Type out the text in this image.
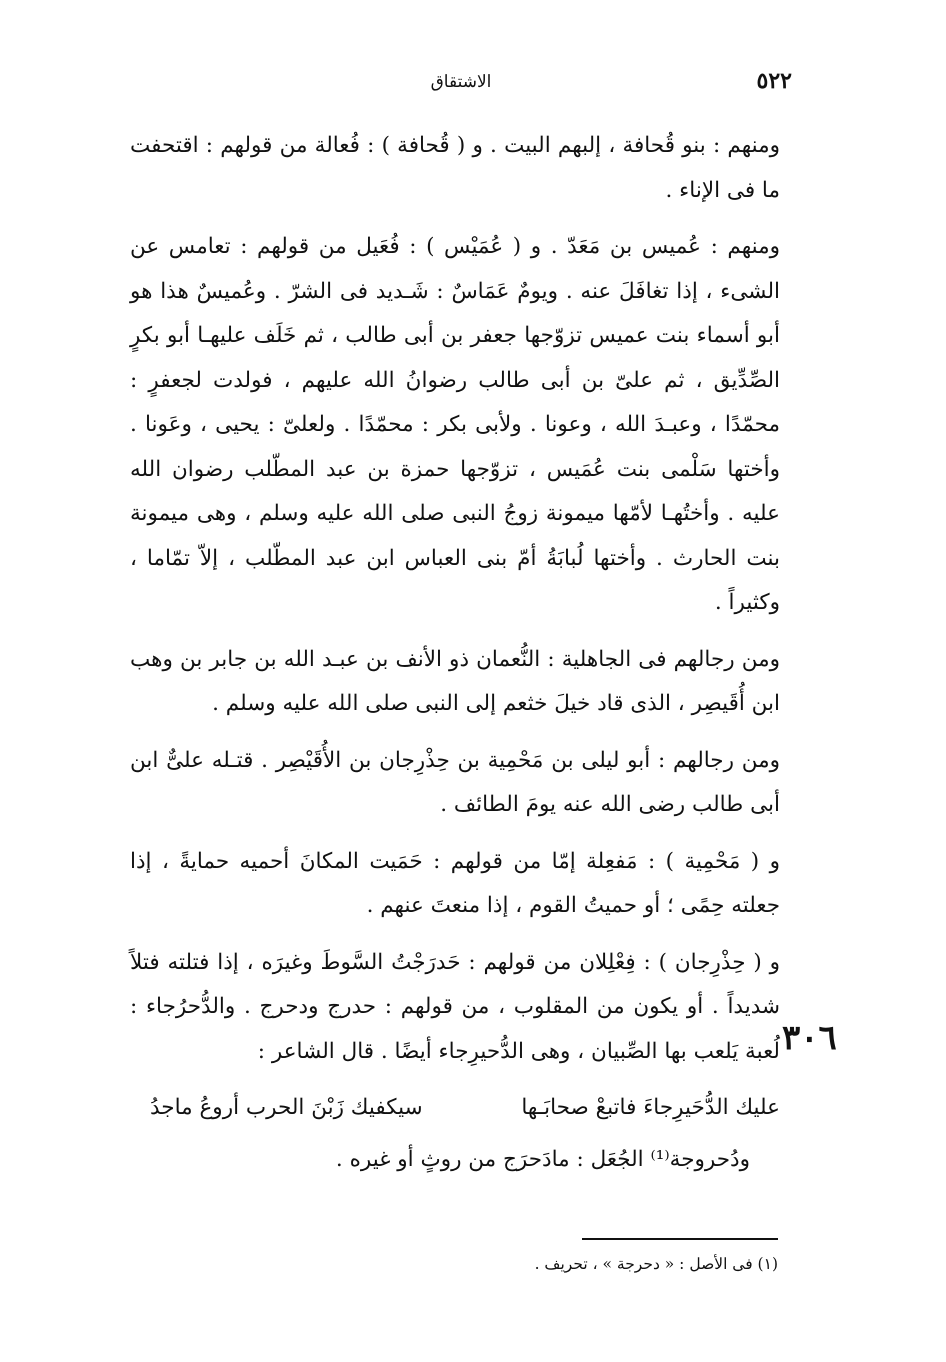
٥٢٢
الاشتقاق
٣٠٦

ومنهم : بنو قُحافة ، إلبهم البيت . و ( قُحافة ) : فُعالة من قولهم : اقتحفت ما فى الإناء .

ومنهم : عُميس بن مَعَدّ . و ( عُمَيْس ) : فُعَيل من قولهم : تعامس عن الشىء ، إذا تغافَلَ عنه . ويومٌ عَمَاسٌ : شَـديد فى الشرّ . وعُميسٌ هذا هو أبو أسماء بنت عميس تزوّجها جعفر بن أبى طالب ، ثم خَلَف عليهـا أبو بكرٍ الصِّدِّيق ، ثم علىّ بن أبى طالب رضوانُ الله عليهم ، فولدت لجعفرٍ : محمّدًا ، وعبـدَ الله ، وعونا . ولأبى بكر : محمّدًا . ولعلىّ : يحيى ، وعَونا . وأختها سَلْمى بنت عُمَيس ، تزوّجها حمزة بن عبد المطّلب رضوان الله عليه . وأختُهـا لأمّها ميمونة زوجُ النبى صلى الله عليه وسلم ، وهى ميمونة بنت الحارث . وأختها لُبابَةُ أمّ بنى العباس ابن عبد المطّلب ، إلاّ تمّاما ، وكثيراً .

ومن رجالهم فى الجاهلية : النُّعمان ذو الأنف بن عبـد الله بن جابر بن وهب ابن أُقَيصِر ، الذى قاد خيلَ خثعم إلى النبى صلى الله عليه وسلم .

ومن رجالهم : أبو ليلى بن مَحْمِية بن حِذْرِجان بن الأُقَيْصِر . قتـله علىٌّ ابن أبى طالب رضى الله عنه يومَ الطائف .

و ( مَحْمِية ) : مَفعِلة إمّا من قولهم : حَمَيت المكانَ أحميه حمايةً ، إذا جعلته حِمًى ؛ أو حميتُ القوم ، إذا منعتَ عنهم .

و ( حِذْرِجان ) : فِعْلِلان من قولهم : حَدرَجْتُ السَّوطَ وغيرَه ، إذا فتلته فتلاً شديداً . أو يكون من المقلوب ، من قولهم : حدرج ودحرج . والدُّحرُجاء : لُعبة يَلعب بها الصِّبيان ، وهى الدُّحيرِجاء أيضًا . قال الشاعر :

عليك الدُّحَيرِجاءَ فاتبعْ صحابَـها
سيكفيك زَبْنَ الحرب أروعُ ماجدُ

ودُحروجة⁽¹⁾ الجُعَل : مادَحرَج من روثٍ أو غيره .

(١) فى الأصل : « دحرجة » ، تحريف .
